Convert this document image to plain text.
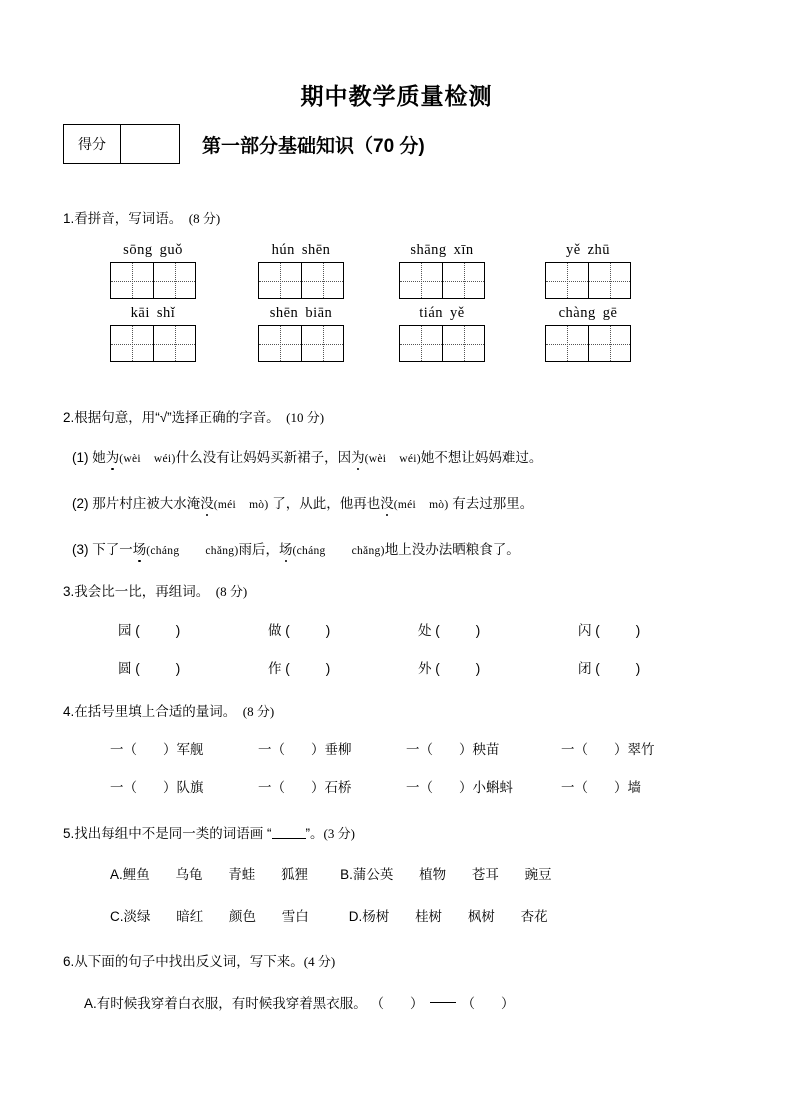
期中教学质量检测
得分	第一部分基础知识（70 分)
1.看拼音，写词语。 (8 分)
sōng guǒ	hún shēn	shāng xīn	yě zhū
kāi shǐ	shēn biān	tián yě	chàng gē
2.根据句意，用“√”选择正确的字音。 (10 分)
(1) 她为(wèi wéi)什么没有让妈妈买新裙子，因为(wèi wéi)她不想让妈妈难过。
(2) 那片村庄被大水淹没(méi mò) 了，从此，他再也没(méi mò) 有去过那里。
(3) 下了一场(cháng chǎng)雨后，场(cháng chǎng)地上没办法晒粮食了。
3.我会比一比，再组词。 (8 分)
园 (	)	做 (	)	处 (	)	闪 (	)
圆 (	)	作 (	)	外 (	)	闭 (	)
4.在括号里填上合适的量词。 (8 分)
一（ ）军舰	一（ ）垂柳	一（ ）秧苗	一（ ）翠竹
一（ ）队旗	一（ ）石桥	一（ ）小蝌蚪	一（ ）墙
5.找出每组中不是同一类的词语画 “	”。(3 分)
A.鲤鱼 乌龟 青蛙 狐狸 B.蒲公英 植物 苍耳 豌豆
C.淡绿 暗红 颜色 雪白	D.杨树 桂树 枫树 杏花
6.从下面的句子中找出反义词，写下来。(4 分)
A.有时候我穿着白衣服，有时候我穿着黑衣服。 （ ）	（ ）
